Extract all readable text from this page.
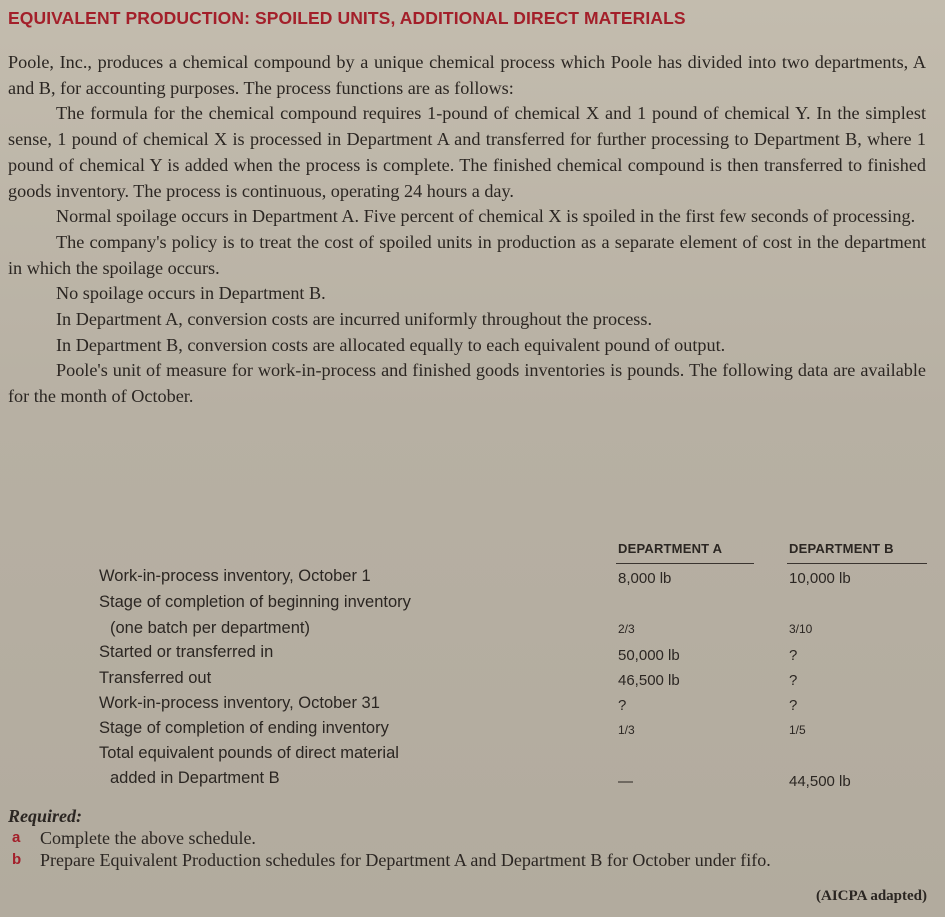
EQUIVALENT PRODUCTION: SPOILED UNITS, ADDITIONAL DIRECT MATERIALS

Poole, Inc., produces a chemical compound by a unique chemical process which Poole has divided into two departments, A and B, for accounting purposes. The process functions are as follows:

The formula for the chemical compound requires 1-pound of chemical X and 1 pound of chemical Y. In the simplest sense, 1 pound of chemical X is processed in Department A and transferred for further processing to Department B, where 1 pound of chemical Y is added when the process is complete. The finished chemical compound is then transferred to finished goods inventory. The process is continuous, operating 24 hours a day.

Normal spoilage occurs in Department A. Five percent of chemical X is spoiled in the first few seconds of processing.

The company's policy is to treat the cost of spoiled units in production as a separate element of cost in the department in which the spoilage occurs.

No spoilage occurs in Department B.

In Department A, conversion costs are incurred uniformly throughout the process.

In Department B, conversion costs are allocated equally to each equivalent pound of output.

Poole's unit of measure for work-in-process and finished goods inventories is pounds. The following data are available for the month of October.

DEPARTMENT A	DEPARTMENT B
Work-in-process inventory, October 1	8,000 lb	10,000 lb
Stage of completion of beginning inventory
(one batch per department)	2/3	3/10
Started or transferred in	50,000 lb	?
Transferred out	46,500 lb	?
Work-in-process inventory, October 31	?	?
Stage of completion of ending inventory	1/3	1/5
Total equivalent pounds of direct material
added in Department B	—	44,500 lb
Required:
a Complete the above schedule.
b Prepare Equivalent Production schedules for Department A and Department B for October under fifo.
(AICPA adapted)
